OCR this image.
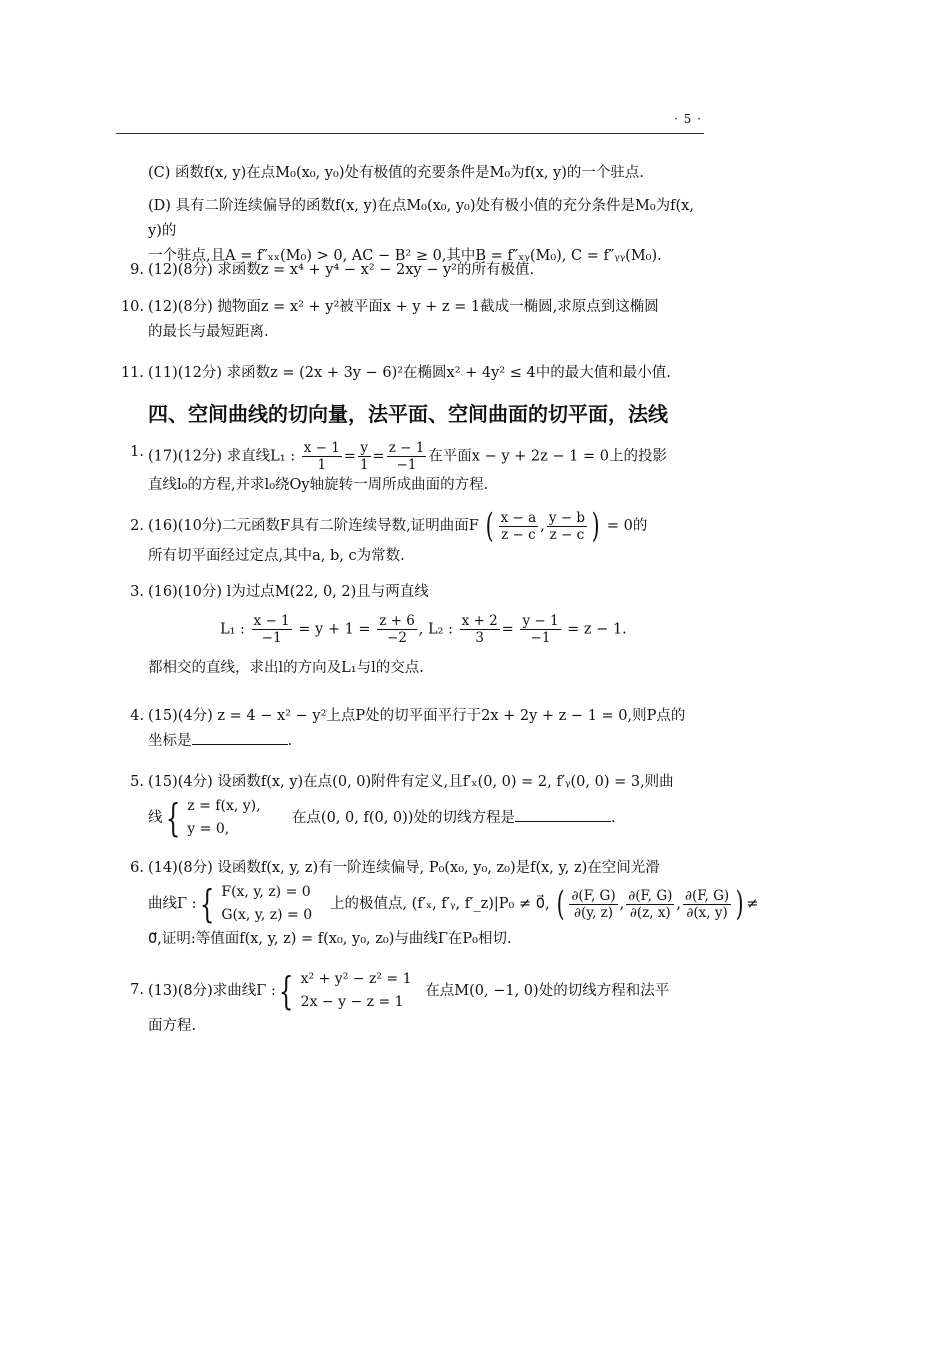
· 5 ·
(C) 函数f(x, y)在点M₀(x₀, y₀)处有极值的充要条件是M₀为f(x, y)的一个驻点.
(D) 具有二阶连续偏导的函数f(x, y)在点M₀(x₀, y₀)处有极小值的充分条件是M₀为f(x, y)的
一个驻点,且A = f″ₓₓ(M₀) > 0, AC − B² ≥ 0,其中B = f″ₓᵧ(M₀), C = f″ᵧᵧ(M₀).
9. (12)(8分) 求函数z = x⁴ + y⁴ − x² − 2xy − y²的所有极值.
10. (12)(8分) 抛物面z = x² + y²被平面x + y + z = 1截成一椭圆,求原点到这椭圆
的最长与最短距离.
11. (11)(12分) 求函数z = (2x + 3y − 6)²在椭圆x² + 4y² ≤ 4中的最大值和最小值.
四、空间曲线的切向量，法平面、空间曲面的切平面，法线
1. (17)(12分) 求直线L₁ : $\frac{x - 1}{1} = \frac{y}{1} = \frac{z - 1}{-1}$ 在平面x − y + 2z − 1 = 0上的投影
直线l₀的方程,并求l₀绕Oy轴旋转一周所成曲面的方程.
2. (16)(10分)二元函数F具有二阶连续导数,证明曲面F ( $\frac{x - a}{z - c}$ , $\frac{y - b}{z - c}$ ) = 0的
所有切平面经过定点,其中a, b, c为常数.
3. (16)(10分) l为过点M(22, 0, 2)且与两直线
L₁ : $\frac{x - 1}{-1} = y + 1 = \frac{z + 6}{-2}$ , L₂ : $\frac{x + 2}{3} = \frac{y - 1}{-1} = z - 1$.
都相交的直线，求出l的方向及L₁与l的交点.
4. (15)(4分) z = 4 − x² − y²上点P处的切平面平行于2x + 2y + z − 1 = 0,则P点的
坐标是	.
5. (15)(4分) 设函数f(x, y)在点(0, 0)附件有定义,且f′ₓ(0, 0) = 2, f′ᵧ(0, 0) = 3,则曲
线{ z = f(x, y),
y = 0,
在点(0, 0, f(0, 0))处的切线方程是	.
6. (14)(8分) 设函数f(x, y, z)有一阶连续偏导, P₀(x₀, y₀, z₀)是f(x, y, z)在空间光滑
曲线Γ :{ F(x, y, z) = 0
G(x, y, z) = 0
上的极值点, (f′ₓ, f′ᵧ, f′_z)|P₀ ≠ 0⃗, ( $\frac{\partial(F, G)}{\partial(y, z)}$ , $\frac{\partial(F, G)}{\partial(z, x)}$ , $\frac{\partial(F, G)}{\partial(x, y)}$ ) ≠
0⃗,证明:等值面f(x, y, z) = f(x₀, y₀, z₀)与曲线Γ在P₀相切.
7. (13)(8分)求曲线Γ :{ x² + y² − z² = 1
2x − y − z = 1
在点M(0, −1, 0)处的切线方程和法平
面方程.
